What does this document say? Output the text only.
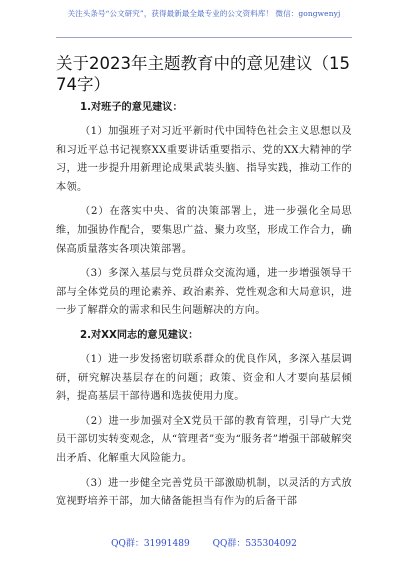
关注头条号“公文研究”，获得最新最全最专业的公文资料库！ 微信：gongwenyj
关于2023年主题教育中的意见建议（1574字）

1.对班子的意见建议：

（1）加强班子对习近平新时代中国特色社会主义思想以及和习近平总书记视察XX重要讲话重要指示、党的XX大精神的学习，进一步提升用新理论成果武装头脑、指导实践，推动工作的本领。

（2）在落实中央、省的决策部署上，进一步强化全局思维，加强协作配合，要集思广益、聚力攻坚，形成工作合力，确保高质量落实各项决策部署。

（3）多深入基层与党员群众交流沟通，进一步增强领导干部与全体党员的理论素养、政治素养、党性观念和大局意识，进一步了解群众的需求和民生问题解决的方向。

2.对XX同志的意见建议：

（1）进一步发扬密切联系群众的优良作风，多深入基层调研，研究解决基层存在的问题；政策、资金和人才要向基层倾斜，提高基层干部待遇和选拔使用力度。

（2）进一步加强对全X党员干部的教育管理，引导广大党员干部切实转变观念，从“管理者”变为“服务者”增强干部破解突出矛盾、化解重大风险能力。

（3）进一步健全完善党员干部激励机制，以灵活的方式放宽视野培养干部，加大储备能担当有作为的后备干部

QQ群：31991489	QQ群：535304092
